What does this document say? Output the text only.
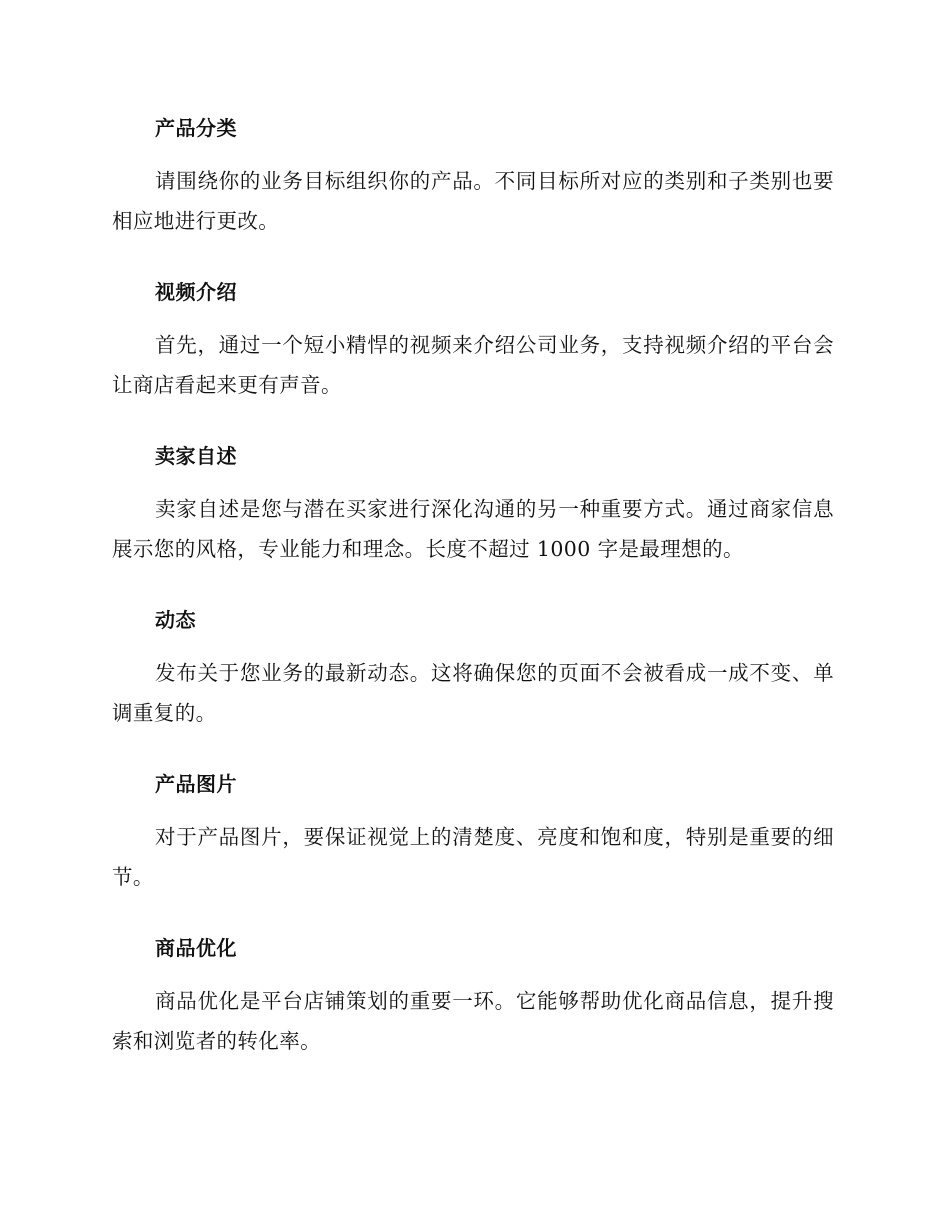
产品分类

请围绕你的业务目标组织你的产品。不同目标所对应的类别和子类别也要相应地进行更改。

视频介绍

首先，通过一个短小精悍的视频来介绍公司业务，支持视频介绍的平台会让商店看起来更有声音。

卖家自述

卖家自述是您与潜在买家进行深化沟通的另一种重要方式。通过商家信息展示您的风格，专业能力和理念。长度不超过 1000 字是最理想的。

动态

发布关于您业务的最新动态。这将确保您的页面不会被看成一成不变、单调重复的。

产品图片

对于产品图片，要保证视觉上的清楚度、亮度和饱和度，特别是重要的细节。

商品优化

商品优化是平台店铺策划的重要一环。它能够帮助优化商品信息，提升搜索和浏览者的转化率。
